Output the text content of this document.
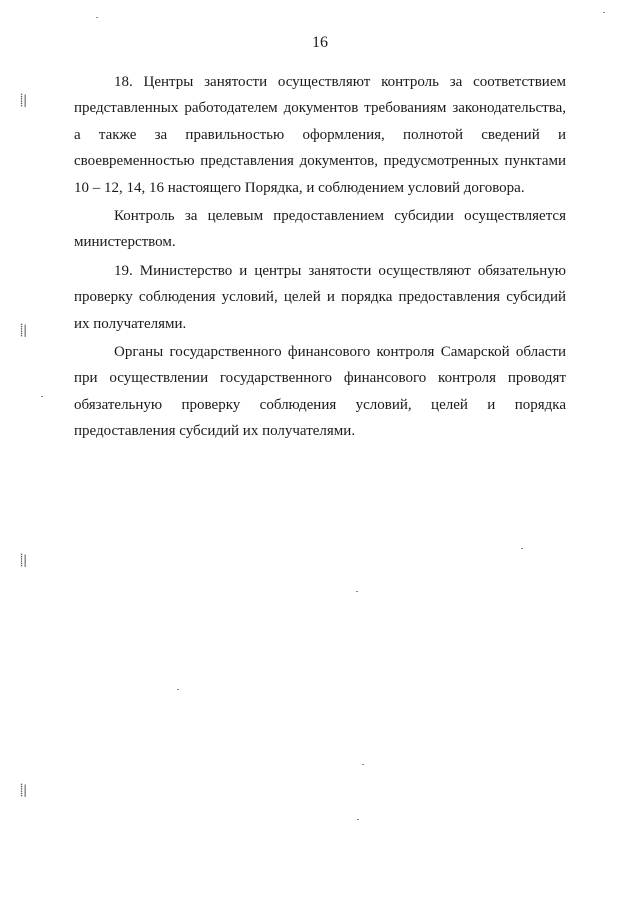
16

18. Центры занятости осуществляют контроль за соответствием представленных работодателем документов требованиям законодательства, а также за правильностью оформления, полнотой сведений и своевременностью представления документов, предусмотренных пунктами 10 – 12, 14, 16 настоящего Порядка, и соблюдением условий договора.

Контроль за целевым предоставлением субсидии осуществляется министерством.

19. Министерство и центры занятости осуществляют обязательную проверку соблюдения условий, целей и порядка предоставления субсидий их получателями.

Органы государственного финансового контроля Самарской области при осуществлении государственного финансового контроля проводят обязательную проверку соблюдения условий, целей и порядка предоставления субсидий их получателями.

⸽|
⸽|
⸽|
⸽|
